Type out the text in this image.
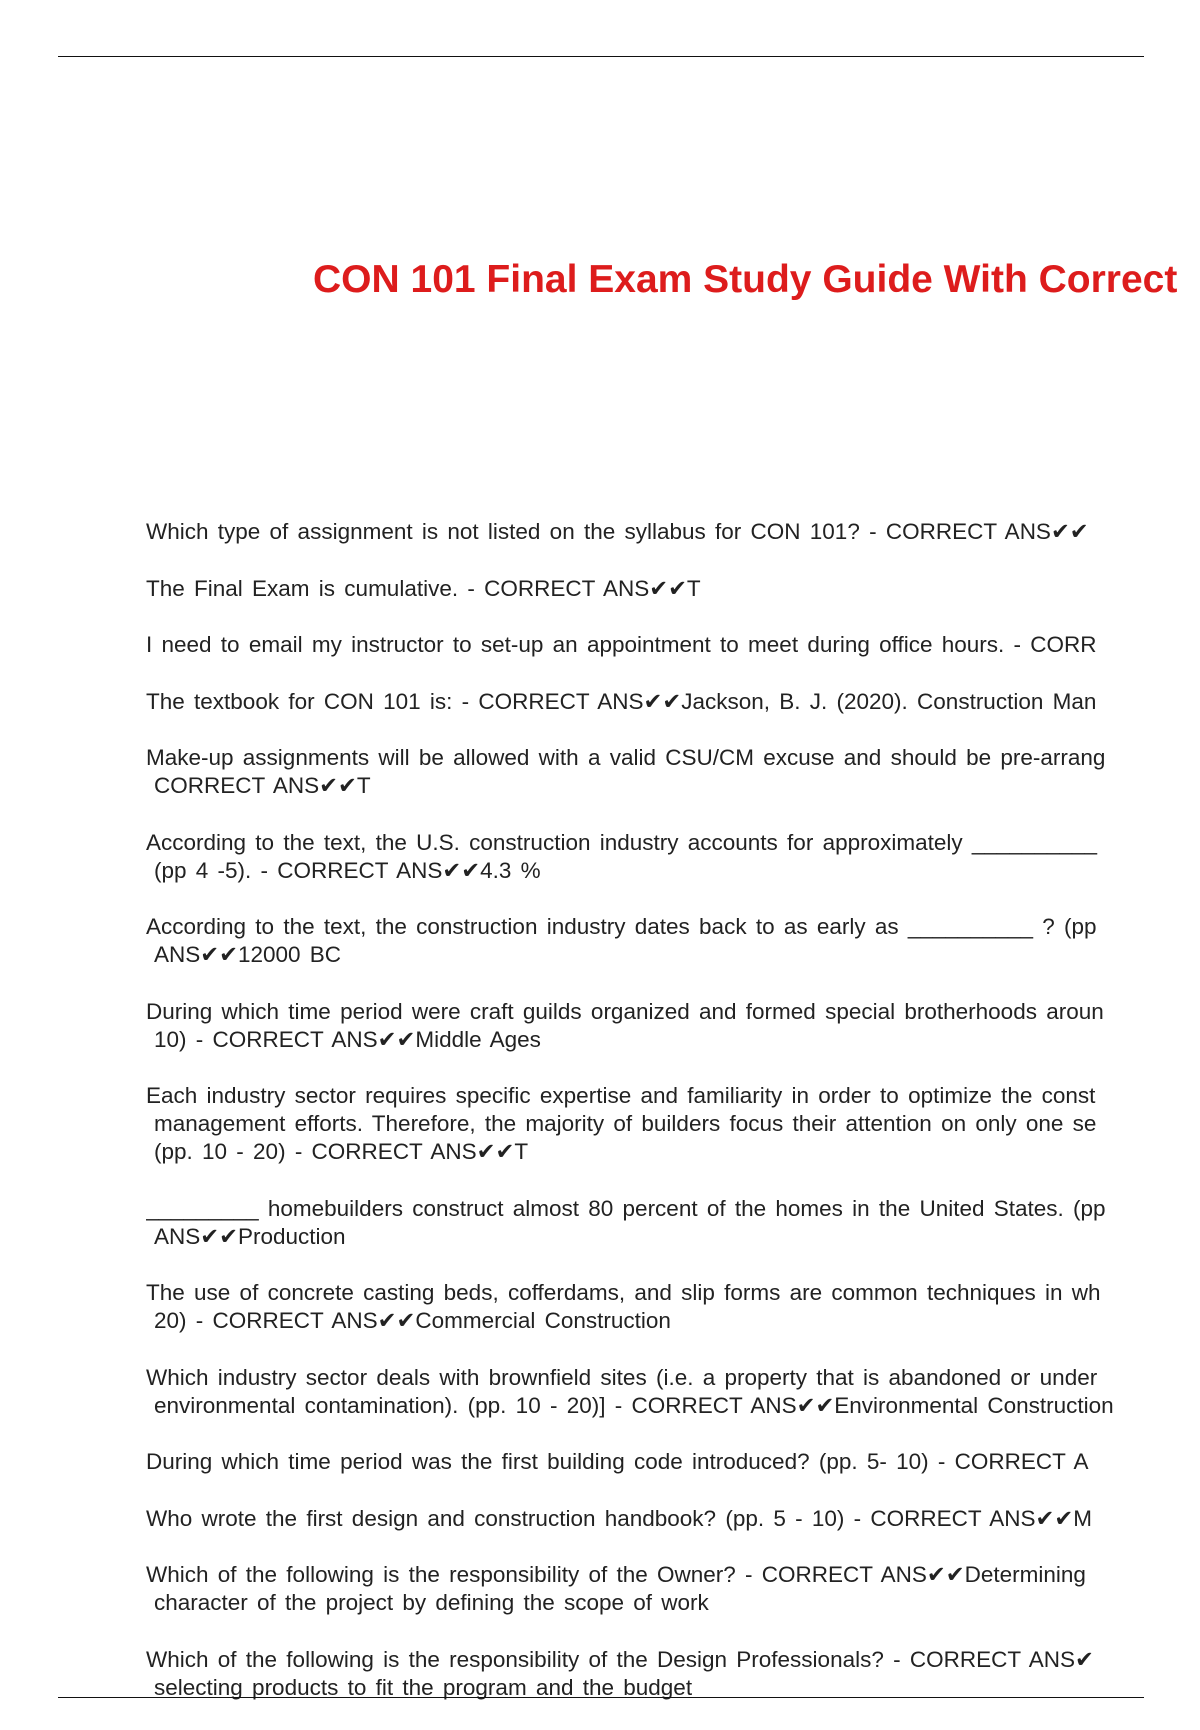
CON 101 Final Exam Study Guide With Correct
Which type of assignment is not listed on the syllabus for CON 101? - CORRECT ANS✔✔
The Final Exam is cumulative. - CORRECT ANS✔✔T
I need to email my instructor to set-up an appointment to meet during office hours. - CORR
The textbook for CON 101 is: - CORRECT ANS✔✔Jackson, B. J. (2020). Construction Man
Make-up assignments will be allowed with a valid CSU/CM excuse and should be pre-arrang
CORRECT ANS✔✔T
According to the text, the U.S. construction industry accounts for approximately __________
(pp 4 -5). - CORRECT ANS✔✔4.3 %
According to the text, the construction industry dates back to as early as __________ ? (pp
ANS✔✔12000 BC
During which time period were craft guilds organized and formed special brotherhoods aroun
10) - CORRECT ANS✔✔Middle Ages
Each industry sector requires specific expertise and familiarity in order to optimize the const
management efforts. Therefore, the majority of builders focus their attention on only one se
(pp. 10 - 20) - CORRECT ANS✔✔T
_________ homebuilders construct almost 80 percent of the homes in the United States. (pp
ANS✔✔Production
The use of concrete casting beds, cofferdams, and slip forms are common techniques in wh
20) - CORRECT ANS✔✔Commercial Construction
Which industry sector deals with brownfield sites (i.e. a property that is abandoned or under
environmental contamination). (pp. 10 - 20)] - CORRECT ANS✔✔Environmental Construction
During which time period was the first building code introduced? (pp. 5- 10) - CORRECT A
Who wrote the first design and construction handbook? (pp. 5 - 10) - CORRECT ANS✔✔M
Which of the following is the responsibility of the Owner? - CORRECT ANS✔✔Determining
character of the project by defining the scope of work
Which of the following is the responsibility of the Design Professionals? - CORRECT ANS✔
selecting products to fit the program and the budget
